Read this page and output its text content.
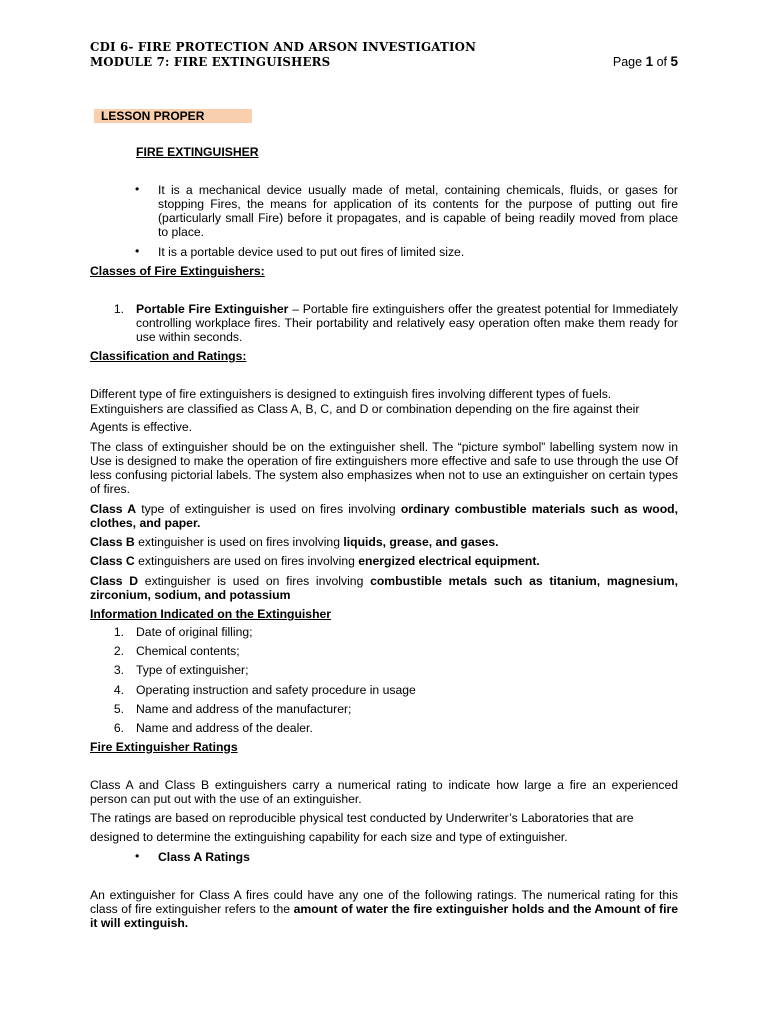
CDI 6- FIRE PROTECTION AND ARSON INVESTIGATION
MODULE 7: FIRE EXTINGUISHERS	Page 1 of 5
LESSON PROPER
FIRE EXTINGUISHER
• It is a mechanical device usually made of metal, containing chemicals, fluids, or gases for stopping Fires, the means for application of its contents for the purpose of putting out fire (particularly small Fire) before it propagates, and is capable of being readily moved from place to place.
• It is a portable device used to put out fires of limited size.
Classes of Fire Extinguishers:
1. Portable Fire Extinguisher – Portable fire extinguishers offer the greatest potential for Immediately controlling workplace fires. Their portability and relatively easy operation often make them ready for use within seconds.
Classification and Ratings:
Different type of fire extinguishers is designed to extinguish fires involving different types of fuels.
Extinguishers are classified as Class A, B, C, and D or combination depending on the fire against their
Agents is effective.
The class of extinguisher should be on the extinguisher shell. The “picture symbol” labelling system now in Use is designed to make the operation of fire extinguishers more effective and safe to use through the use Of less confusing pictorial labels. The system also emphasizes when not to use an extinguisher on certain types of fires.
Class A type of extinguisher is used on fires involving ordinary combustible materials such as wood, clothes, and paper.
Class B extinguisher is used on fires involving liquids, grease, and gases.
Class C extinguishers are used on fires involving energized electrical equipment.
Class D extinguisher is used on fires involving combustible metals such as titanium, magnesium, zirconium, sodium, and potassium
Information Indicated on the Extinguisher
1. Date of original filling;
2. Chemical contents;
3. Type of extinguisher;
4. Operating instruction and safety procedure in usage
5. Name and address of the manufacturer;
6. Name and address of the dealer.
Fire Extinguisher Ratings
Class A and Class B extinguishers carry a numerical rating to indicate how large a fire an experienced person can put out with the use of an extinguisher.
The ratings are based on reproducible physical test conducted by Underwriter’s Laboratories that are
designed to determine the extinguishing capability for each size and type of extinguisher.
• Class A Ratings
An extinguisher for Class A fires could have any one of the following ratings. The numerical rating for this class of fire extinguisher refers to the amount of water the fire extinguisher holds and the Amount of fire it will extinguish.
